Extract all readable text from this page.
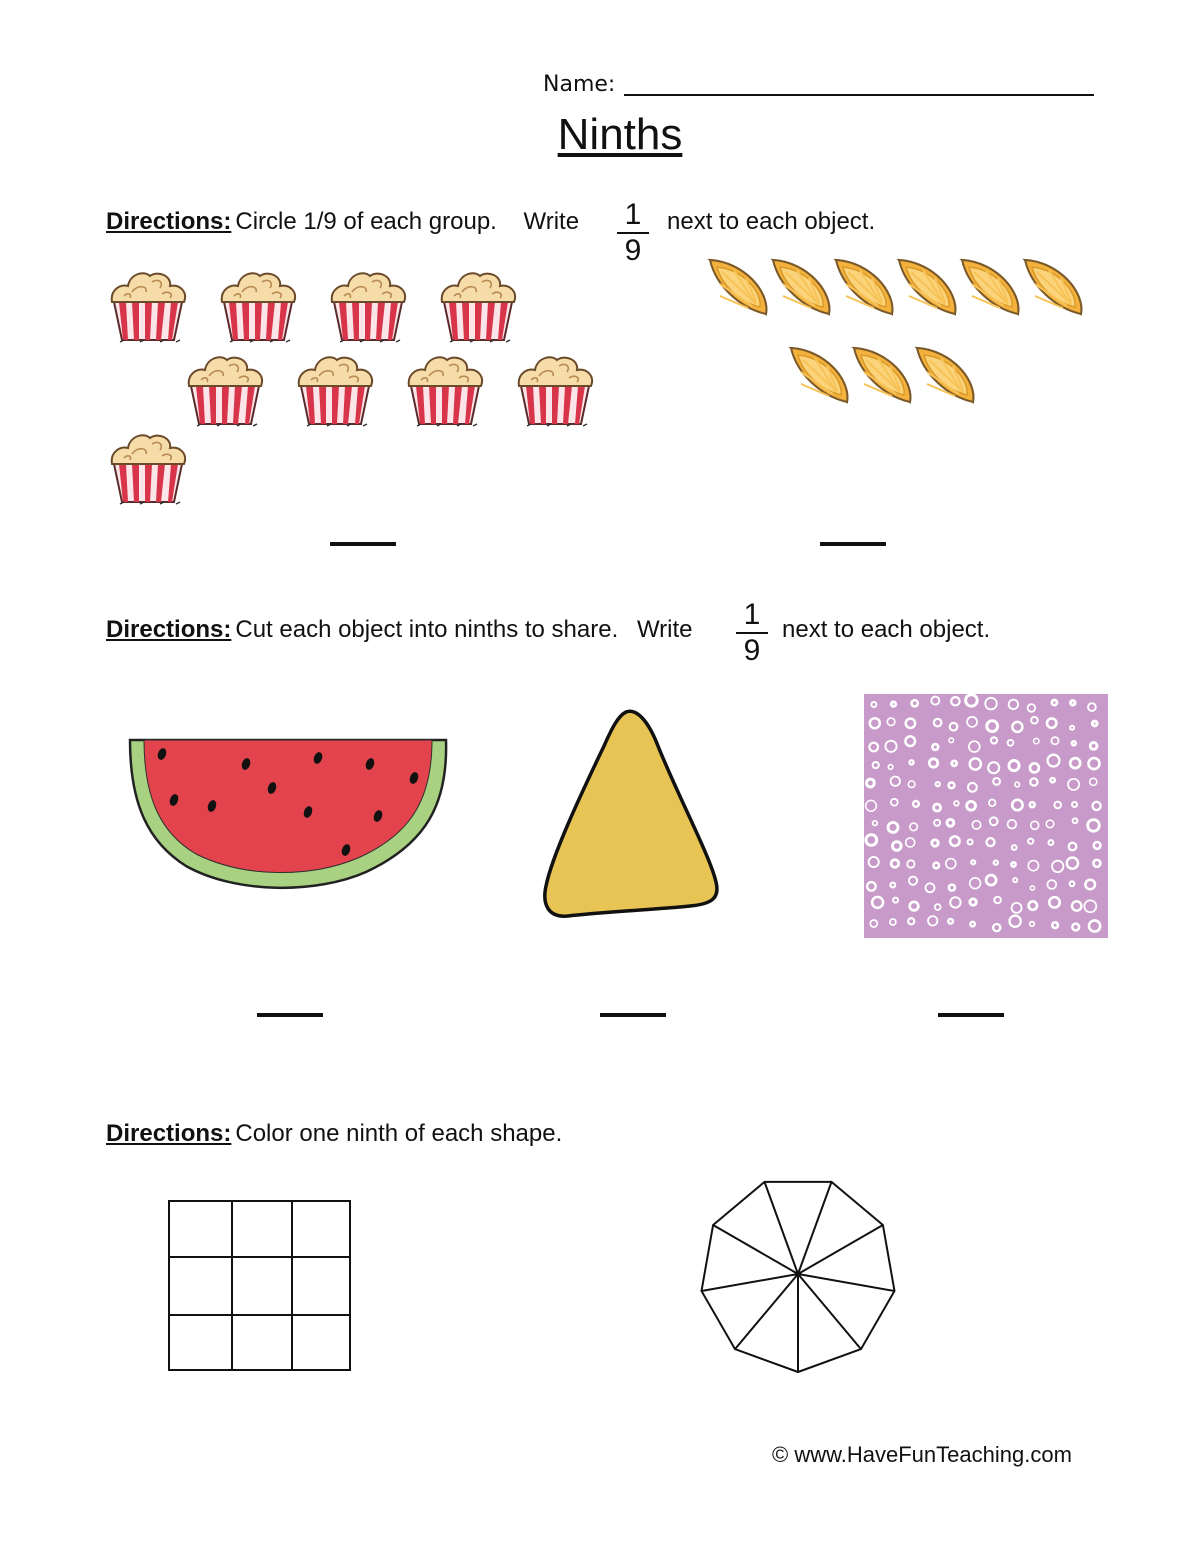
Name:
Ninths
Directions: Circle 1/9 of each group. Write	1
9
next to each object.
Directions: Cut each object into ninths to share. Write	1
9
next to each object.
Directions: Color one ninth of each shape.
© www.HaveFunTeaching.com
